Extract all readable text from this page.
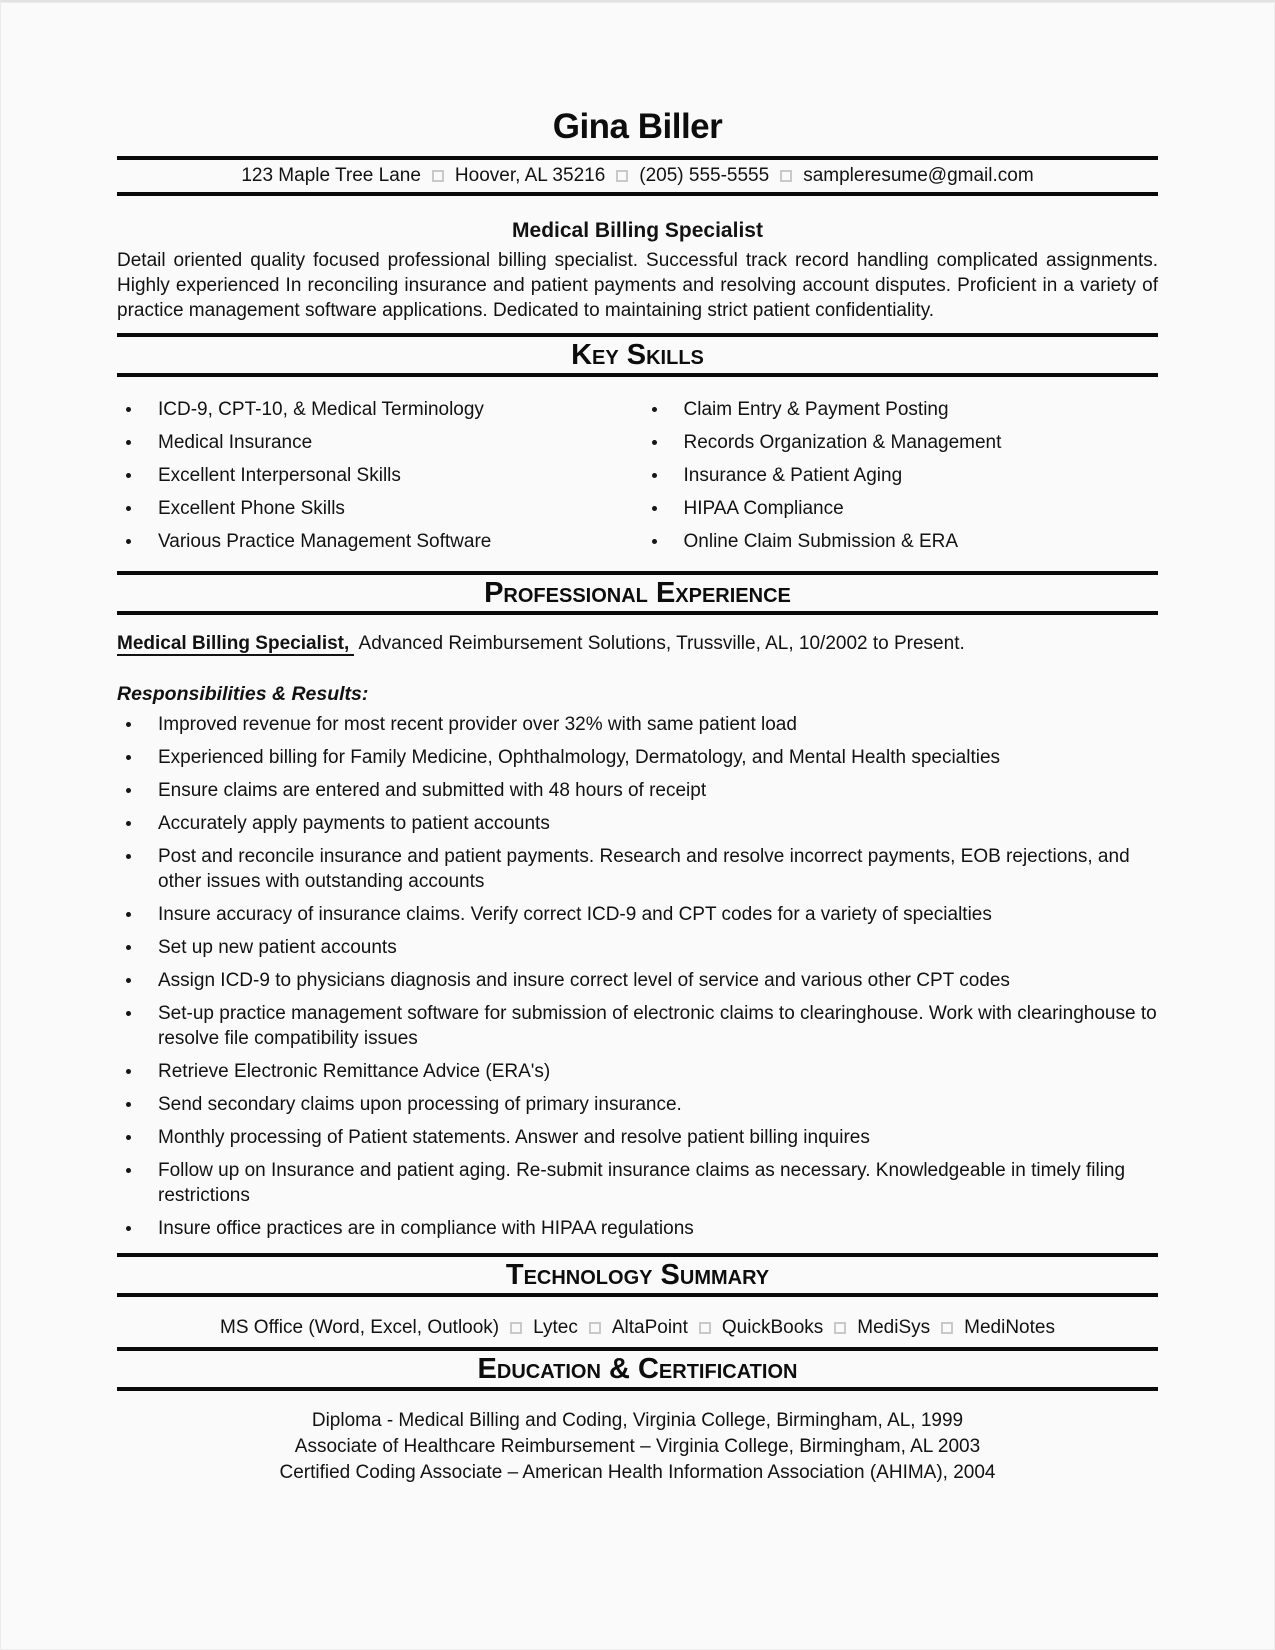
Gina Biller
123 Maple Tree Lane Hoover, AL 35216 (205) 555-5555 sampleresume@gmail.com
Medical Billing Specialist

Detail oriented quality focused professional billing specialist. Successful track record handling complicated assignments. Highly experienced In reconciling insurance and patient payments and resolving account disputes. Proficient in a variety of practice management software applications. Dedicated to maintaining strict patient confidentiality.

Key Skills
ICD-9, CPT-10, & Medical Terminology
Medical Insurance
Excellent Interpersonal Skills
Excellent Phone Skills
Various Practice Management Software
Claim Entry & Payment Posting
Records Organization & Management
Insurance & Patient Aging
HIPAA Compliance
Online Claim Submission & ERA
Professional Experience

Medical Billing Specialist, Advanced Reimbursement Solutions, Trussville, AL, 10/2002 to Present.

Responsibilities & Results:

Improved revenue for most recent provider over 32% with same patient load
Experienced billing for Family Medicine, Ophthalmology, Dermatology, and Mental Health specialties
Ensure claims are entered and submitted with 48 hours of receipt
Accurately apply payments to patient accounts
Post and reconcile insurance and patient payments. Research and resolve incorrect payments, EOB rejections, and other issues with outstanding accounts
Insure accuracy of insurance claims. Verify correct ICD-9 and CPT codes for a variety of specialties
Set up new patient accounts
Assign ICD-9 to physicians diagnosis and insure correct level of service and various other CPT codes
Set-up practice management software for submission of electronic claims to clearinghouse. Work with clearinghouse to resolve file compatibility issues
Retrieve Electronic Remittance Advice (ERA's)
Send secondary claims upon processing of primary insurance.
Monthly processing of Patient statements. Answer and resolve patient billing inquires
Follow up on Insurance and patient aging. Re-submit insurance claims as necessary. Knowledgeable in timely filing restrictions
Insure office practices are in compliance with HIPAA regulations
Technology Summary
MS Office (Word, Excel, Outlook) Lytec AltaPoint QuickBooks MediSys MediNotes
Education & Certification
Diploma - Medical Billing and Coding, Virginia College, Birmingham, AL, 1999
Associate of Healthcare Reimbursement – Virginia College, Birmingham, AL 2003
Certified Coding Associate – American Health Information Association (AHIMA), 2004
